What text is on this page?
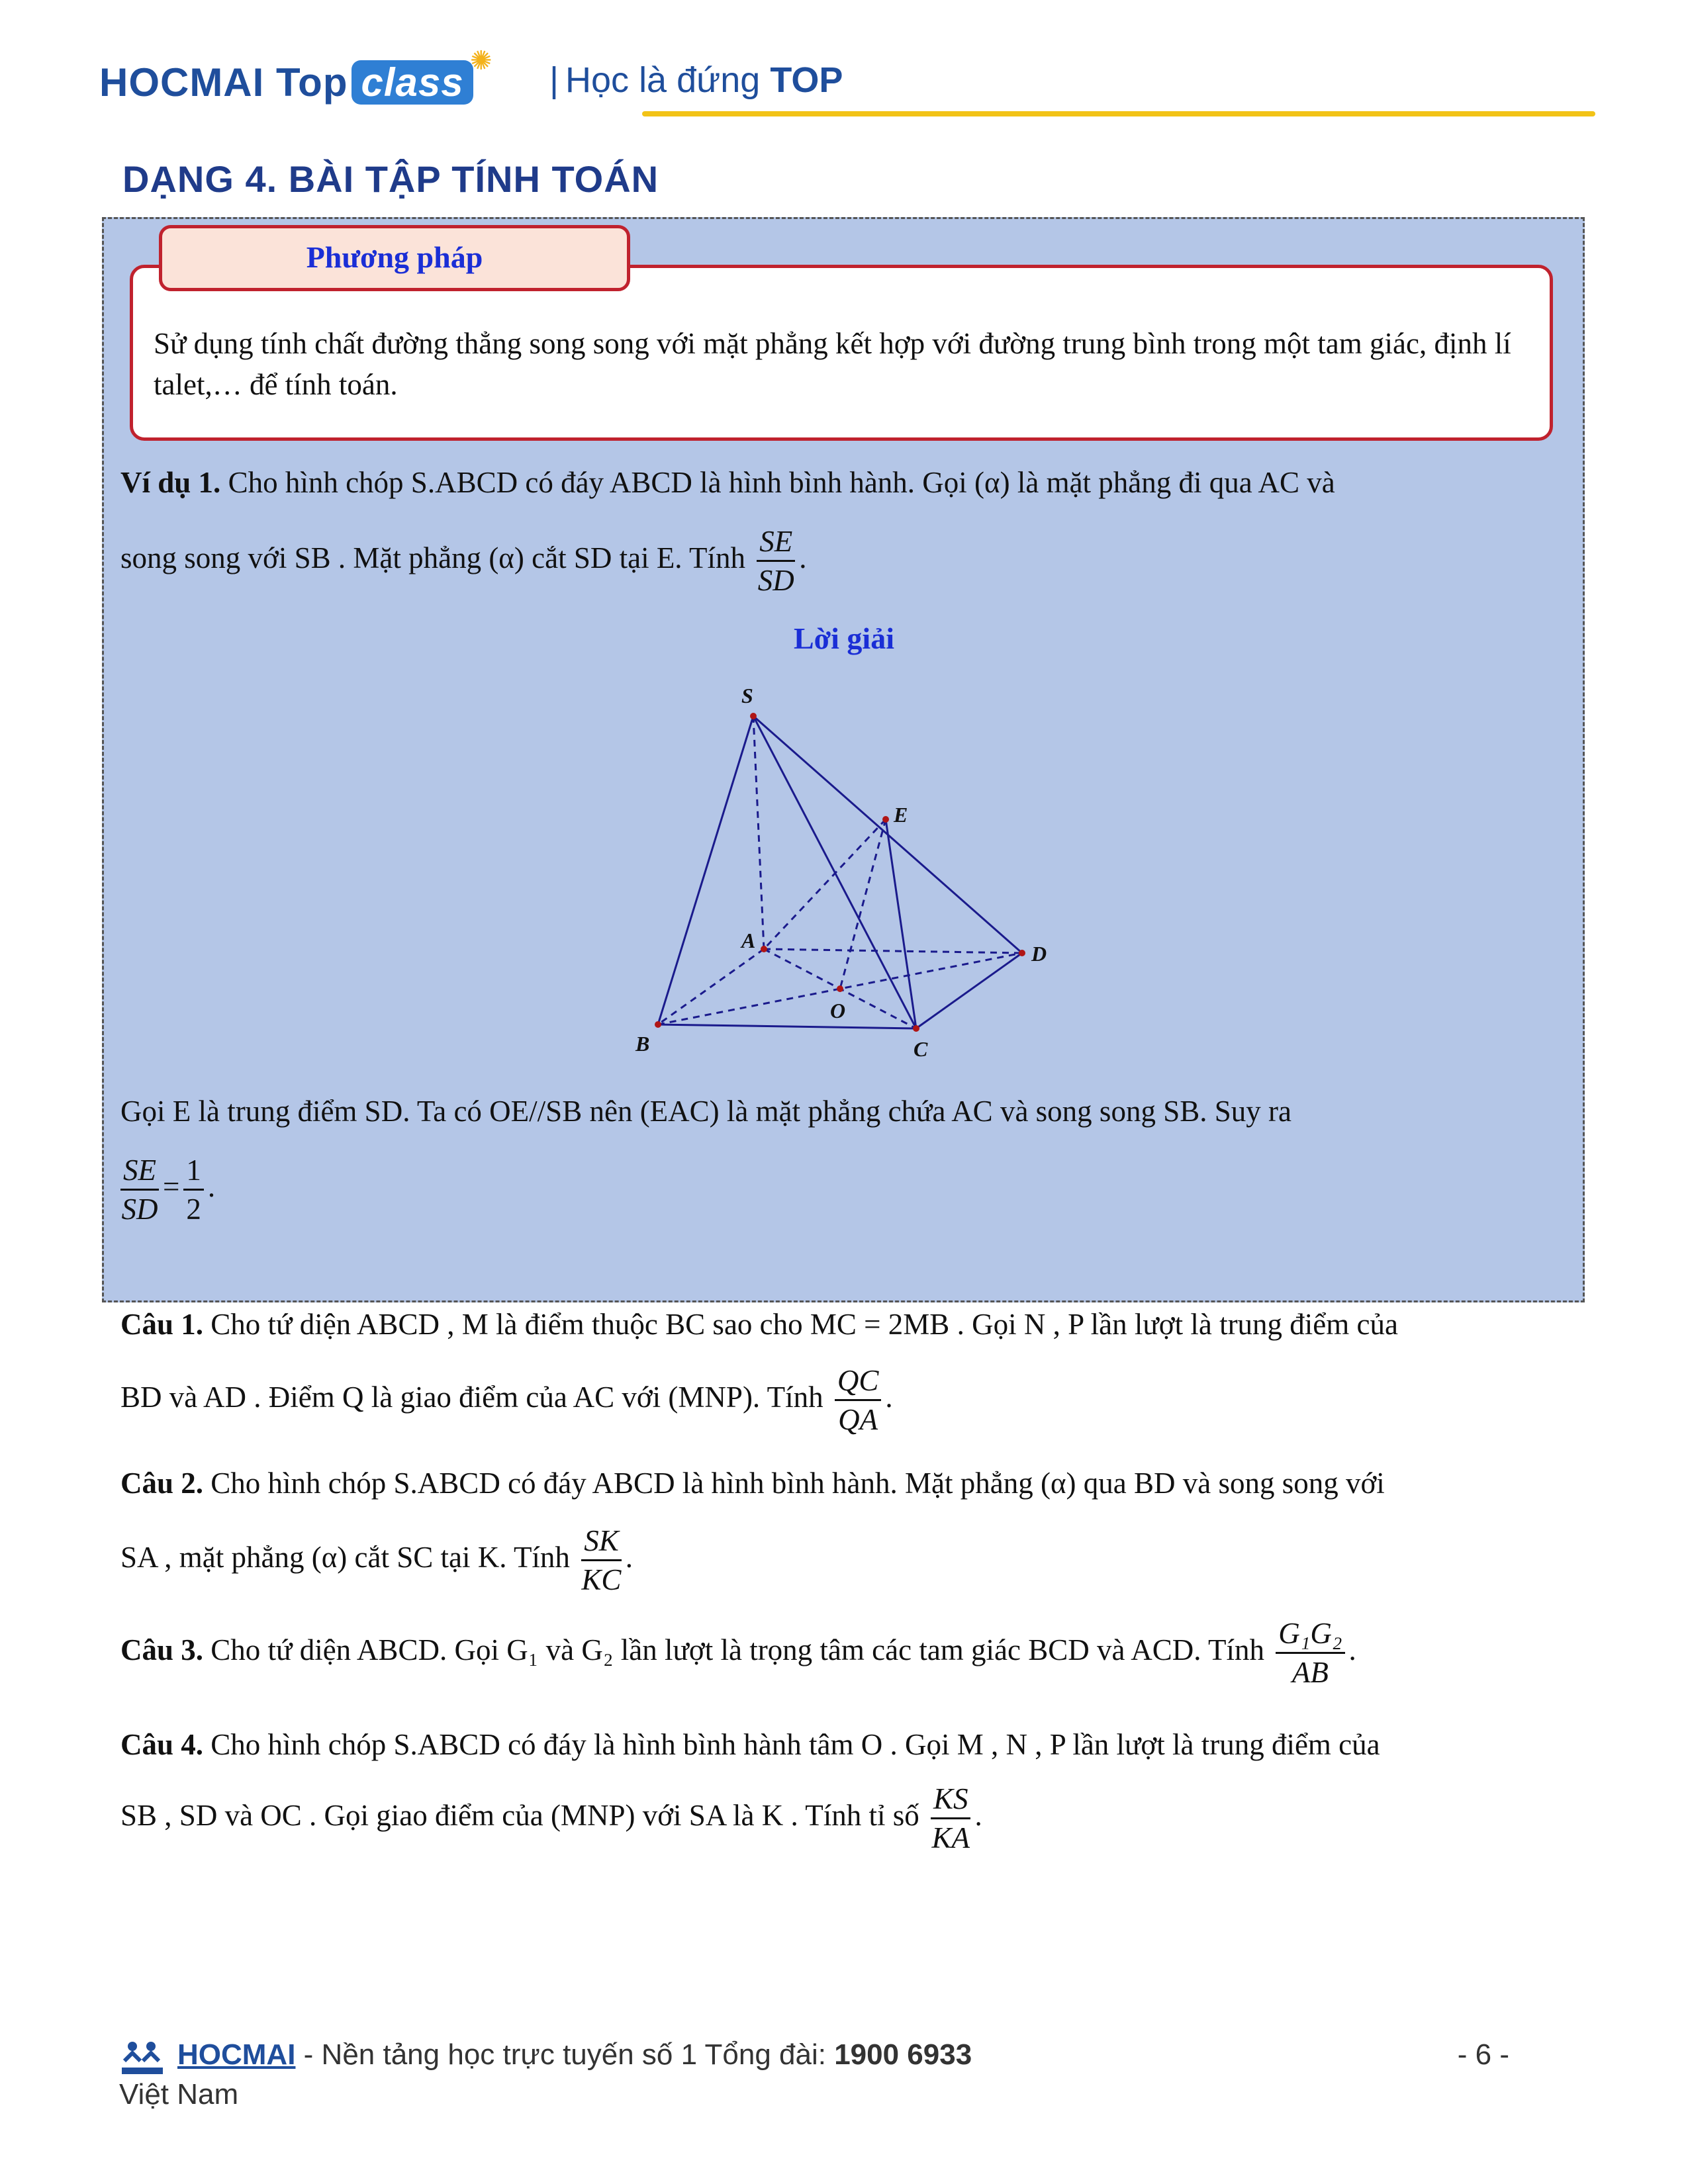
HOCMAI Top class ✺ | Học là đứng TOP
DẠNG 4. BÀI TẬP TÍNH TOÁN
Phương pháp
Sử dụng tính chất đường thẳng song song với mặt phẳng kết hợp với đường trung bình trong một tam giác, định lí talet,… để tính toán.
Ví dụ 1. Cho hình chóp S.ABCD có đáy ABCD là hình bình hành. Gọi (α) là mặt phẳng đi qua AC và
song song với SB . Mặt phẳng (α) cắt SD tại E. Tính $\frac{SE}{SD}$ .
Lời giải
S
E
A
D
O
B	C
Gọi E là trung điểm SD. Ta có OE//SB nên (EAC) là mặt phẳng chứa AC và song song SB. Suy ra
$\frac{SE}{SD} = \frac{1}{2}$ .
Câu 1. Cho tứ diện ABCD , M là điểm thuộc BC sao cho MC = 2MB . Gọi N , P lần lượt là trung điểm của
BD và AD . Điểm Q là giao điểm của AC với (MNP). Tính $\frac{QC}{QA}$ .
Câu 2. Cho hình chóp S.ABCD có đáy ABCD là hình bình hành. Mặt phẳng (α) qua BD và song song với
SA , mặt phẳng (α) cắt SC tại K. Tính $\frac{SK}{KC}$ .
Câu 3. Cho tứ diện ABCD. Gọi G₁ và G₂ lần lượt là trọng tâm các tam giác BCD và ACD. Tính $\frac{\text{G₁G₂}}{AB}$ .
Câu 4. Cho hình chóp S.ABCD có đáy là hình bình hành tâm O . Gọi M , N , P lần lượt là trung điểm của
SB , SD và OC . Gọi giao điểm của (MNP) với SA là K . Tính tỉ số $\frac{KS}{KA}$ .
HOCMAI - Nền tảng học trực tuyến số 1 Tổng đài: 1900 6933
Việt Nam
- 6 -
